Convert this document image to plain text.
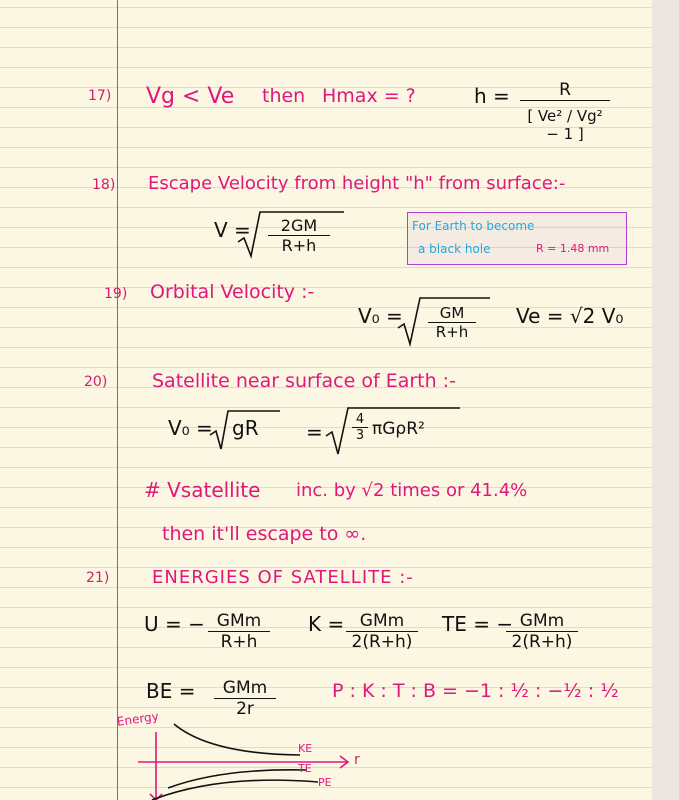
17) Vg < Ve then Hmax = ?	$h = \frac{R}{\text{[ Ve² / Vg² − 1 ]}}$
18) Escape Velocity from height "h" from surface:-
$V = \frac{2GM}{R+h}$	For Earth to become
a black hole	R = 1.48 mm
19) Orbital Velocity :-
$V_0 = \frac{GM}{R+h}$ Ve = √2 V₀
20) Satellite near surface of Earth :-
V₀ = gR = $\frac{4}{3} \pi G\rho R^2$
# Vsatellite inc. by √2 times or 41.4%
then it'll escape to ∞.
21) ENERGIES OF SATELLITE :-
U = − GMm
R+h
K = GMm
2(R+h)
TE = − GMm
2(R+h)
BE =	GMm
2r
P : K : T : B = −1 : ½ : −½ : ½
Energy
KE
TE
PE
r
